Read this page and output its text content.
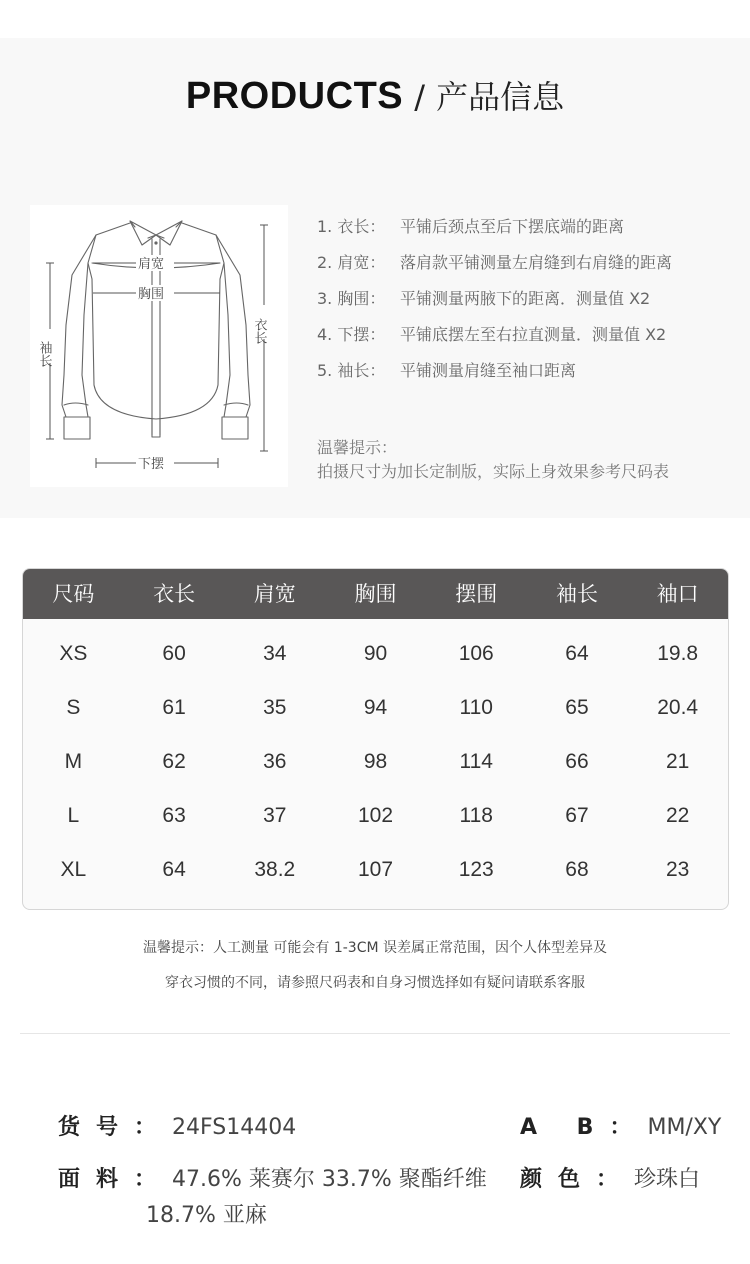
PRODUCTS / 产品信息
肩宽
胸围
衣长
袖长
下摆
1. 衣长： 平铺后颈点至后下摆底端的距离
2. 肩宽： 落肩款平铺测量左肩缝到右肩缝的距离
3. 胸围： 平铺测量两腋下的距离．测量值 X2
4. 下摆： 平铺底摆左至右拉直测量．测量值 X2
5. 袖长： 平铺测量肩缝至袖口距离
温馨提示：
拍摄尺寸为加长定制版，实际上身效果参考尺码表
尺码	衣长	肩宽	胸围	摆围	袖长	袖口
XS	60	34	90	106	64	19.8
S	61	35	94	110	65	20.4
M	62	36	98	114	66	21
L	63	37	102	118	67	22
XL	64	38.2	107	123	68	23
温馨提示：人工测量 可能会有 1-3CM 误差属正常范围，因个人体型差异及
穿衣习惯的不同，请参照尺码表和自身习惯选择如有疑问请联系客服
货号：24FS14404	A B：MM/XY
面料：47.6% 莱赛尔 33.7% 聚酯纤维
18.7% 亚麻
颜色：珍珠白
